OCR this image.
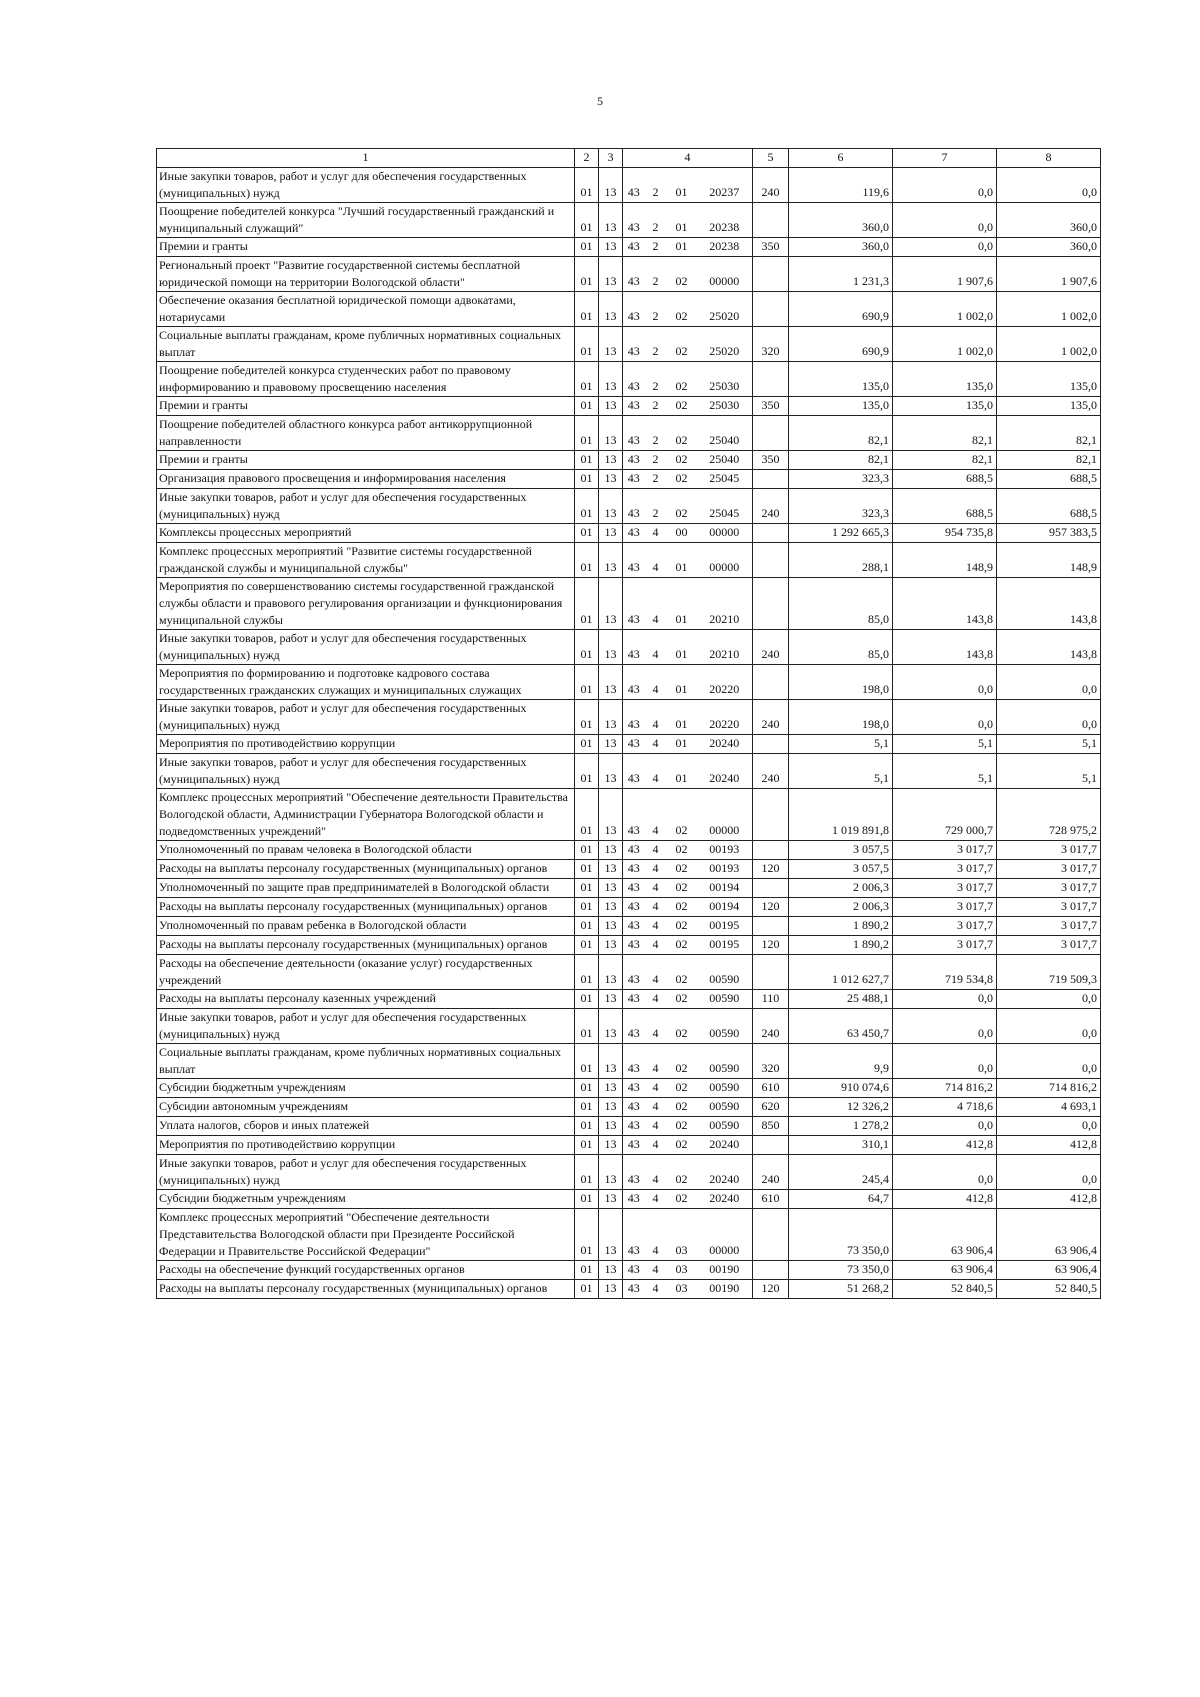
5
1	2	3	4				5	6	7	8
Иные закупки товаров, работ и услуг для обеспечения государственных (муниципальных) нужд	01	13	43	2	01	20237	240	119,6	0,0	0,0
Поощрение победителей конкурса "Лучший государственный гражданский и муниципальный служащий"	01	13	43	2	01	20238		360,0	0,0	360,0
Премии и гранты	01	13	43	2	01	20238	350	360,0	0,0	360,0
Региональный проект "Развитие государственной системы бесплатной юридической помощи на территории Вологодской области"	01	13	43	2	02	00000		1 231,3	1 907,6	1 907,6
Обеспечение оказания бесплатной юридической помощи адвокатами, нотариусами	01	13	43	2	02	25020		690,9	1 002,0	1 002,0
Социальные выплаты гражданам, кроме публичных нормативных социальных выплат	01	13	43	2	02	25020	320	690,9	1 002,0	1 002,0
Поощрение победителей конкурса студенческих работ по правовому информированию и правовому просвещению населения	01	13	43	2	02	25030		135,0	135,0	135,0
Премии и гранты	01	13	43	2	02	25030	350	135,0	135,0	135,0
Поощрение победителей областного конкурса работ антикоррупционной направленности	01	13	43	2	02	25040		82,1	82,1	82,1
Премии и гранты	01	13	43	2	02	25040	350	82,1	82,1	82,1
Организация правового просвещения и информирования населения	01	13	43	2	02	25045		323,3	688,5	688,5
Иные закупки товаров, работ и услуг для обеспечения государственных (муниципальных) нужд	01	13	43	2	02	25045	240	323,3	688,5	688,5
Комплексы процессных мероприятий	01	13	43	4	00	00000		1 292 665,3	954 735,8	957 383,5
Комплекс процессных мероприятий "Развитие системы государственной гражданской службы и муниципальной службы"	01	13	43	4	01	00000		288,1	148,9	148,9
Мероприятия по совершенствованию системы государственной гражданской службы области и правового регулирования организации и функционирования муниципальной службы	01	13	43	4	01	20210		85,0	143,8	143,8
Иные закупки товаров, работ и услуг для обеспечения государственных (муниципальных) нужд	01	13	43	4	01	20210	240	85,0	143,8	143,8
Мероприятия по формированию и подготовке кадрового состава государственных гражданских служащих и муниципальных служащих	01	13	43	4	01	20220		198,0	0,0	0,0
Иные закупки товаров, работ и услуг для обеспечения государственных (муниципальных) нужд	01	13	43	4	01	20220	240	198,0	0,0	0,0
Мероприятия по противодействию коррупции	01	13	43	4	01	20240		5,1	5,1	5,1
Иные закупки товаров, работ и услуг для обеспечения государственных (муниципальных) нужд	01	13	43	4	01	20240	240	5,1	5,1	5,1
Комплекс процессных мероприятий "Обеспечение деятельности Правительства Вологодской области, Администрации Губернатора Вологодской области и подведомственных учреждений"	01	13	43	4	02	00000		1 019 891,8	729 000,7	728 975,2
Уполномоченный по правам человека в Вологодской области	01	13	43	4	02	00193		3 057,5	3 017,7	3 017,7
Расходы на выплаты персоналу государственных (муниципальных) органов	01	13	43	4	02	00193	120	3 057,5	3 017,7	3 017,7
Уполномоченный по защите прав предпринимателей в Вологодской области	01	13	43	4	02	00194		2 006,3	3 017,7	3 017,7
Расходы на выплаты персоналу государственных (муниципальных) органов	01	13	43	4	02	00194	120	2 006,3	3 017,7	3 017,7
Уполномоченный по правам ребенка в Вологодской области	01	13	43	4	02	00195		1 890,2	3 017,7	3 017,7
Расходы на выплаты персоналу государственных (муниципальных) органов	01	13	43	4	02	00195	120	1 890,2	3 017,7	3 017,7
Расходы на обеспечение деятельности (оказание услуг) государственных учреждений	01	13	43	4	02	00590		1 012 627,7	719 534,8	719 509,3
Расходы на выплаты персоналу казенных учреждений	01	13	43	4	02	00590	110	25 488,1	0,0	0,0
Иные закупки товаров, работ и услуг для обеспечения государственных (муниципальных) нужд	01	13	43	4	02	00590	240	63 450,7	0,0	0,0
Социальные выплаты гражданам, кроме публичных нормативных социальных выплат	01	13	43	4	02	00590	320	9,9	0,0	0,0
Субсидии бюджетным учреждениям	01	13	43	4	02	00590	610	910 074,6	714 816,2	714 816,2
Субсидии автономным учреждениям	01	13	43	4	02	00590	620	12 326,2	4 718,6	4 693,1
Уплата налогов, сборов и иных платежей	01	13	43	4	02	00590	850	1 278,2	0,0	0,0
Мероприятия по противодействию коррупции	01	13	43	4	02	20240		310,1	412,8	412,8
Иные закупки товаров, работ и услуг для обеспечения государственных (муниципальных) нужд	01	13	43	4	02	20240	240	245,4	0,0	0,0
Субсидии бюджетным учреждениям	01	13	43	4	02	20240	610	64,7	412,8	412,8
Комплекс процессных мероприятий "Обеспечение деятельности Представительства Вологодской области при Президенте Российской Федерации и Правительстве Российской Федерации"	01	13	43	4	03	00000		73 350,0	63 906,4	63 906,4
Расходы на обеспечение функций государственных органов	01	13	43	4	03	00190		73 350,0	63 906,4	63 906,4
Расходы на выплаты персоналу государственных (муниципальных) органов	01	13	43	4	03	00190	120	51 268,2	52 840,5	52 840,5
